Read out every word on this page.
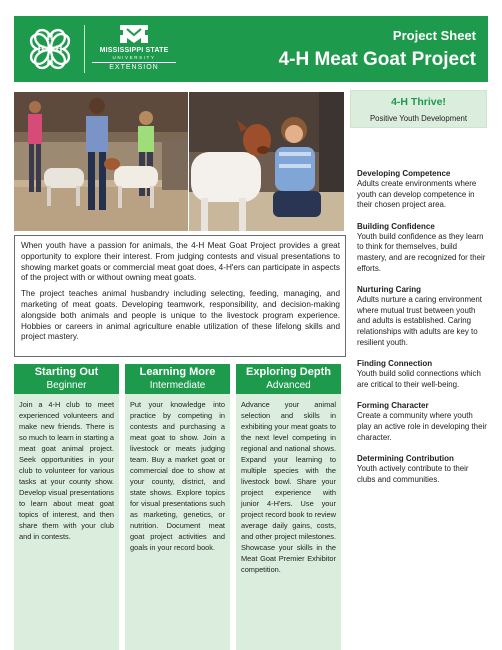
H
H
H
H	MISSISSIPPI STATE
UNIVERSITY
EXTENSION
Project Sheet
4-H Meat Goat Project
4-H Thrive!
Positive Youth Development

When youth have a passion for animals, the 4-H Meat Goat Project provides a great opportunity to explore their interest. From judging contests and visual presentations to showing market goats or commercial meat goat does, 4-H'ers can participate in aspects of the project with or without owning meat goats.

The project teaches animal husbandry including selecting, feeding, managing, and marketing of meat goats. Developing teamwork, responsibility, and decision-making alongside both animals and people is unique to the livestock program experience. Hobbies or careers in animal agriculture enable utilization of these lifelong skills and project mastery.

Starting Out
Beginner
Join a 4-H club to meet experienced volunteers and make new friends. There is so much to learn in starting a meat goat animal project. Seek opportunities in your club to volunteer for various tasks at your county show. Develop visual presentations to learn about meat goat topics of interest, and then share them with your club and in contests.
Learning More
Intermediate
Put your knowledge into practice by competing in contests and purchasing a meat goat to show. Join a livestock or meats judging team. Buy a market goat or commercial doe to show at your county, district, and state shows. Explore topics for visual presentations such as marketing, genetics, or nutrition. Document meat goat project activities and goals in your record book.
Exploring Depth
Advanced
Advance your animal selection and skills in exhibiting your meat goats to the next level competing in regional and national shows. Expand your learning to multiple species with the livestock bowl. Share your project experience with junior 4-H'ers. Use your project record book to review average daily gains, costs, and other project milestones. Showcase your skills in the Meat Goat Premier Exhibitor competition.
Developing Competence

Adults create environments where youth can develop competence in their chosen project area.

Building Confidence

Youth build confidence as they learn to think for themselves, build mastery, and are recognized for their efforts.

Nurturing Caring

Adults nurture a caring environment where mutual trust between youth and adults is established. Caring relationships with adults are key to resilient youth.

Finding Connection

Youth build solid connections which are critical to their well-being.

Forming Character

Create a community where youth play an active role in developing their character.

Determining Contribution

Youth actively contribute to their clubs and communities.
